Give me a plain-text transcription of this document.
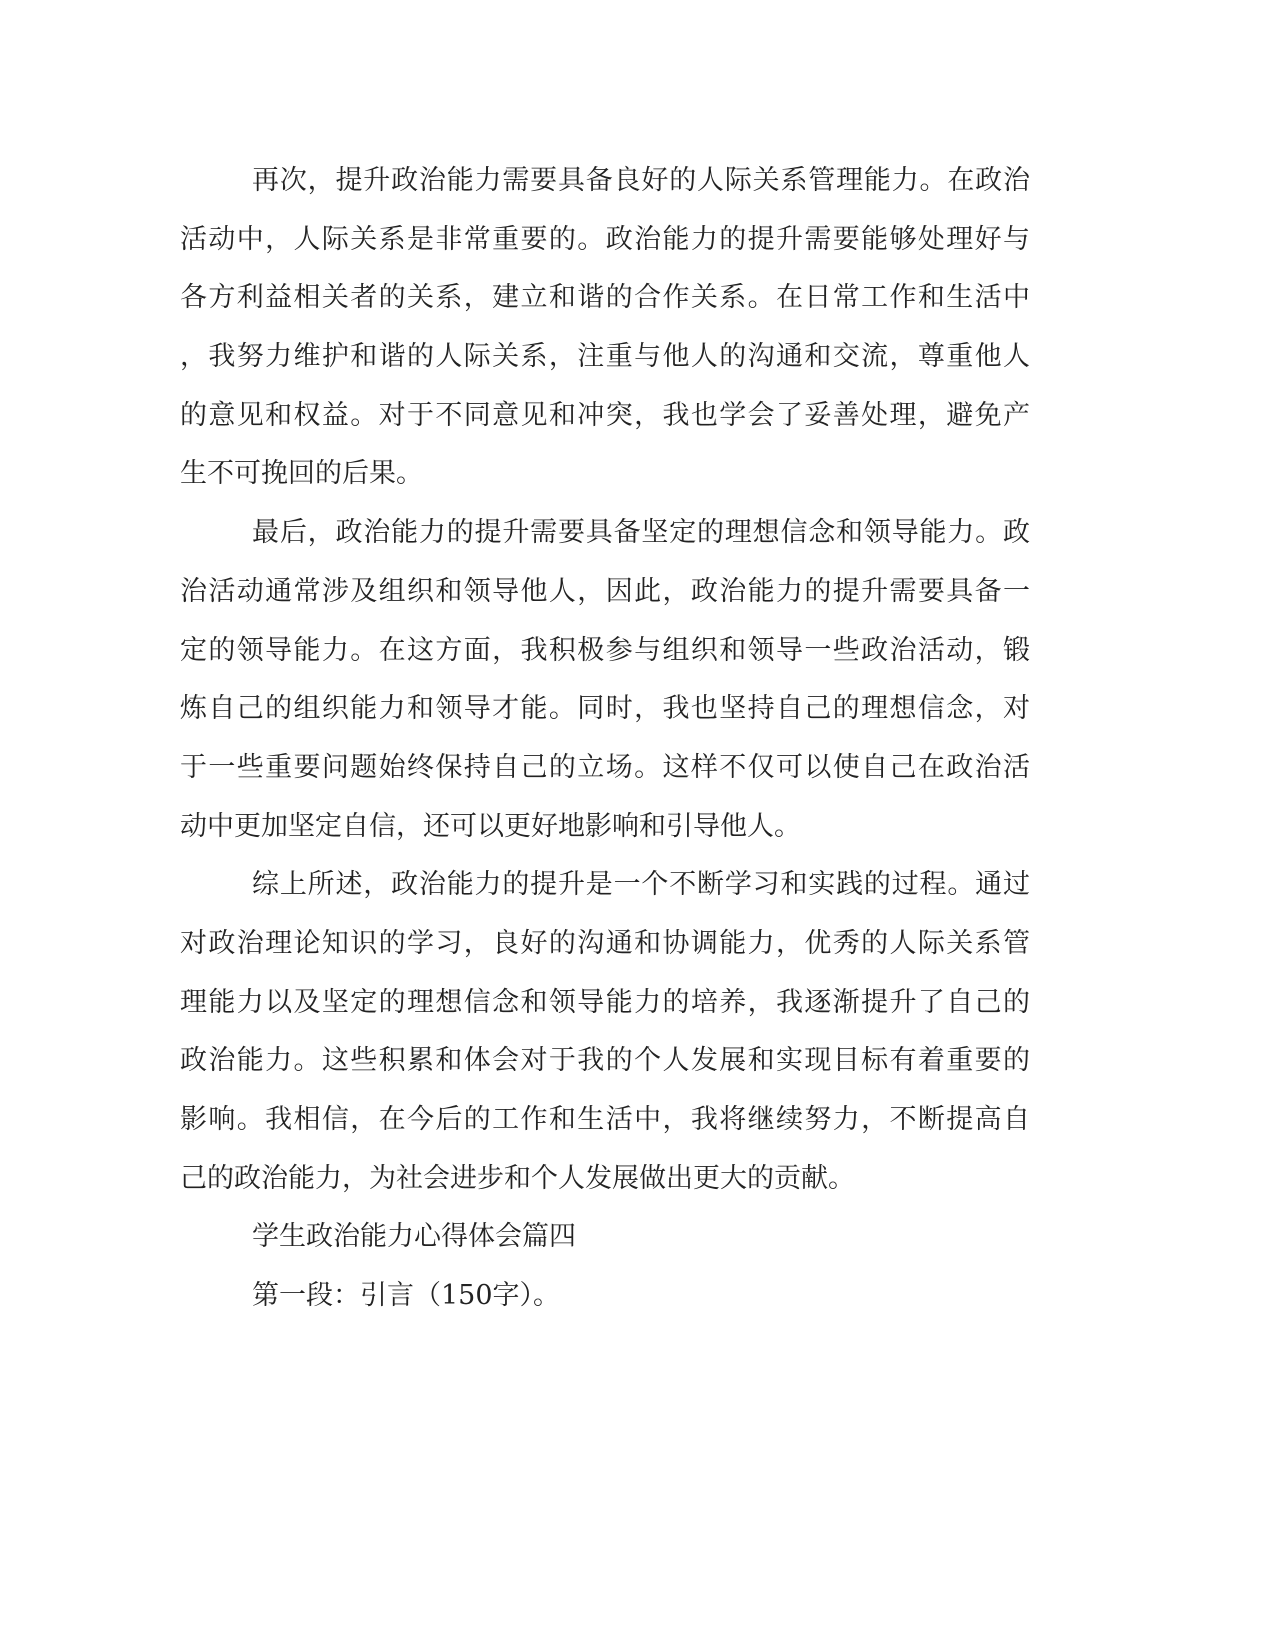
再次，提升政治能力需要具备良好的人际关系管理能力。在政治
活动中，人际关系是非常重要的。政治能力的提升需要能够处理好与
各方利益相关者的关系，建立和谐的合作关系。在日常工作和生活中
，我努力维护和谐的人际关系，注重与他人的沟通和交流，尊重他人
的意见和权益。对于不同意见和冲突，我也学会了妥善处理，避免产
生不可挽回的后果。
最后，政治能力的提升需要具备坚定的理想信念和领导能力。政
治活动通常涉及组织和领导他人，因此，政治能力的提升需要具备一
定的领导能力。在这方面，我积极参与组织和领导一些政治活动，锻
炼自己的组织能力和领导才能。同时，我也坚持自己的理想信念，对
于一些重要问题始终保持自己的立场。这样不仅可以使自己在政治活
动中更加坚定自信，还可以更好地影响和引导他人。
综上所述，政治能力的提升是一个不断学习和实践的过程。通过
对政治理论知识的学习，良好的沟通和协调能力，优秀的人际关系管
理能力以及坚定的理想信念和领导能力的培养，我逐渐提升了自己的
政治能力。这些积累和体会对于我的个人发展和实现目标有着重要的
影响。我相信，在今后的工作和生活中，我将继续努力，不断提高自
己的政治能力，为社会进步和个人发展做出更大的贡献。
学生政治能力心得体会篇四
第一段：引言（150字）。
